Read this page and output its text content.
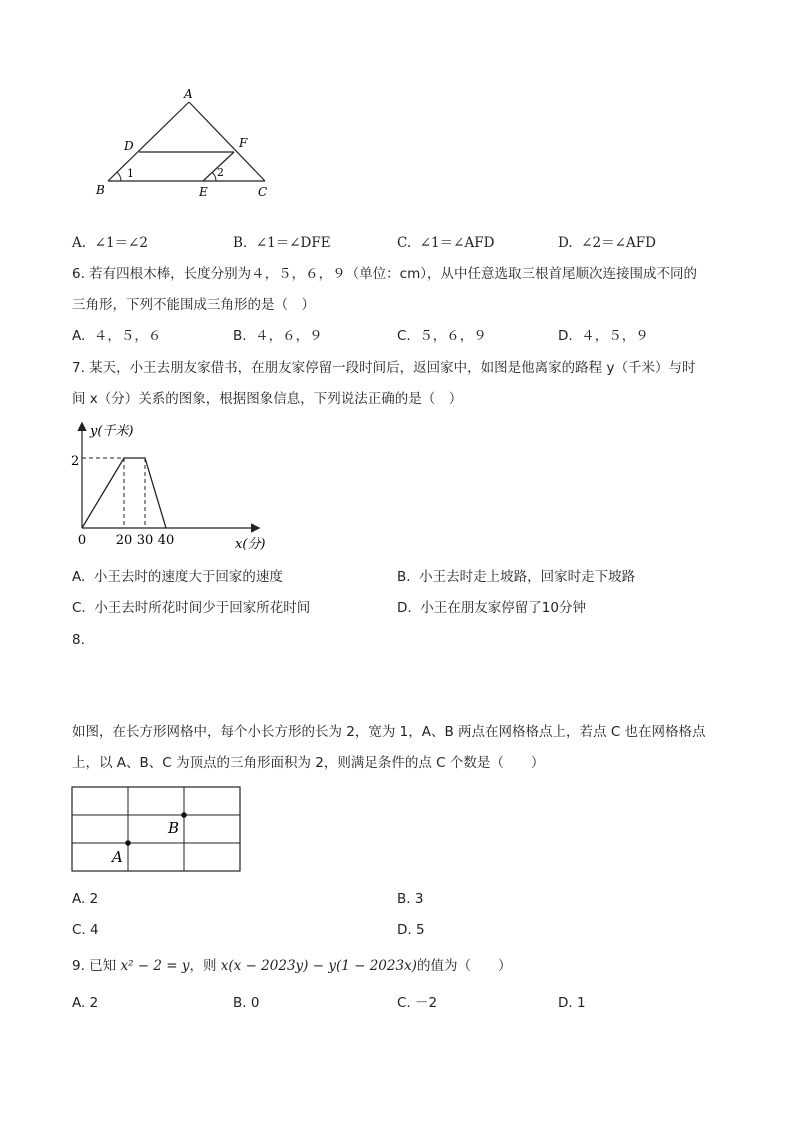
A
B	C
D
E
F
1	2
A. ∠1＝∠2	B. ∠1＝∠DFE	C. ∠1＝∠AFD	D. ∠2＝∠AFD
6. 若有四根木棒，长度分别为４，５，６，９（单位：cm），从中任意选取三根首尾顺次连接围成不同的
三角形，下列不能围成三角形的是（　）
A. ４，５，６	B. ４，６，９	C. ５，６，９	D. ４，５，９
7. 某天，小王去朋友家借书，在朋友家停留一段时间后，返回家中，如图是他离家的路程 y（千米）与时
间 x（分）关系的图象，根据图象信息，下列说法正确的是（　）
y(千米)
x(分)
2
0 20 30 40
A. 小王去时的速度大于回家的速度	B. 小王去时走上坡路，回家时走下坡路
C. 小王去时所花时间少于回家所花时间	D. 小王在朋友家停留了10分钟
8.
如图，在长方形网格中，每个小长方形的长为 2，宽为 1，A、B 两点在网格格点上，若点 C 也在网格格点
上，以 A、B、C 为顶点的三角形面积为 2，则满足条件的点 C 个数是（　　）
A
B
A. 2	B. 3
C. 4	D. 5
9. 已知 x² − 2 = y，则 x(x − 2023y) − y(1 − 2023x)的值为（　　）
A. 2	B. 0	C. －2	D. 1
